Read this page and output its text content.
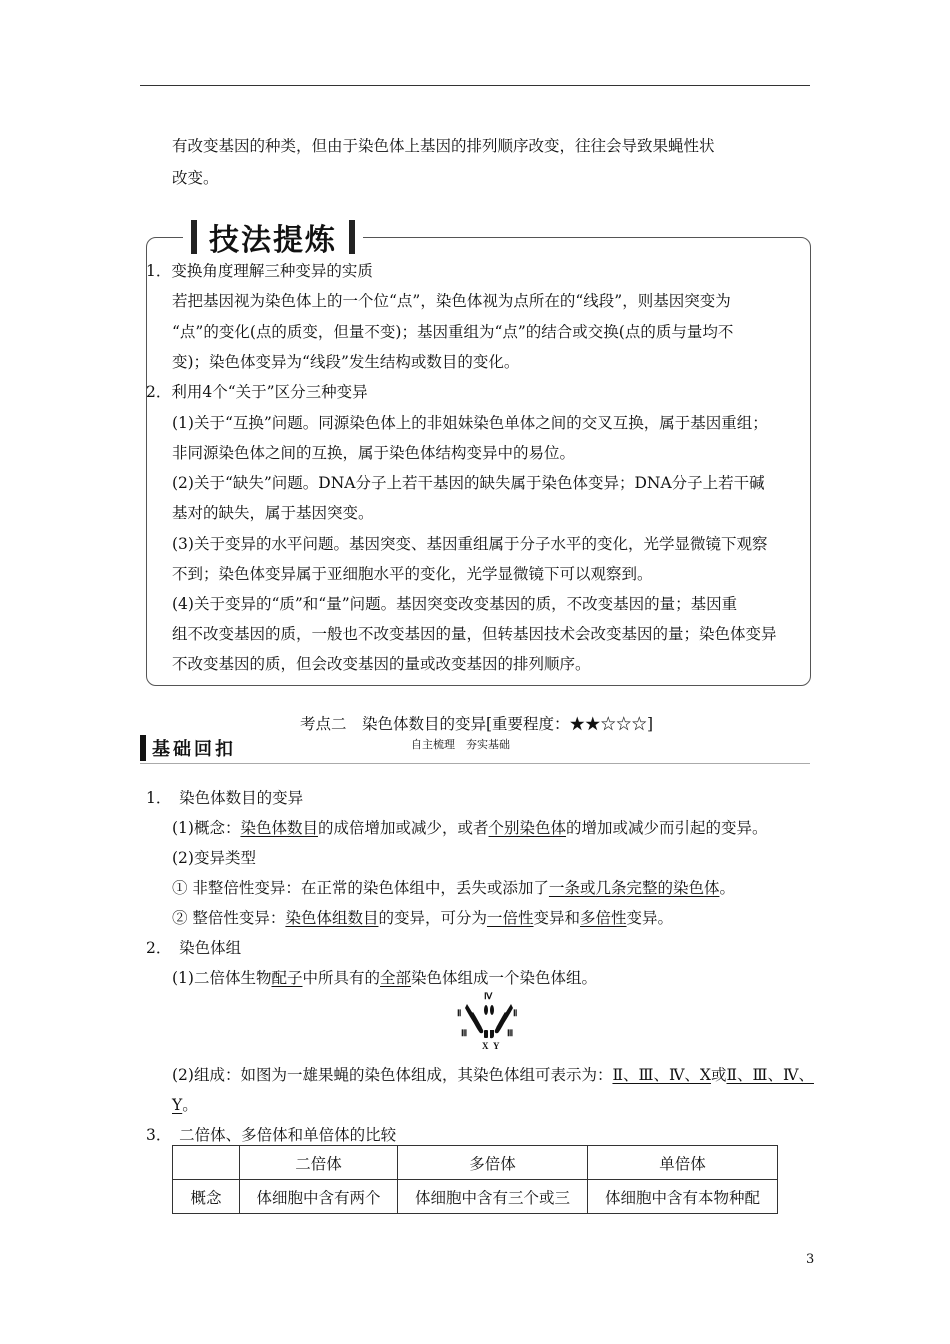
有改变基因的种类，但由于染色体上基因的排列顺序改变，往往会导致果蝇性状
改变。
技法提炼
1．变换角度理解三种变异的实质
若把基因视为染色体上的一个位“点”，染色体视为点所在的“线段”，则基因突变为
“点”的变化(点的质变，但量不变)；基因重组为“点”的结合或交换(点的质与量均不
变)；染色体变异为“线段”发生结构或数目的变化。
2．利用4个“关于”区分三种变异
(1)关于“互换”问题。同源染色体上的非姐妹染色单体之间的交叉互换，属于基因重组；
非同源染色体之间的互换，属于染色体结构变异中的易位。
(2)关于“缺失”问题。DNA分子上若干基因的缺失属于染色体变异；DNA分子上若干碱
基对的缺失，属于基因突变。
(3)关于变异的水平问题。基因突变、基因重组属于分子水平的变化，光学显微镜下观察
不到；染色体变异属于亚细胞水平的变化，光学显微镜下可以观察到。
(4)关于变异的“质”和“量”问题。基因突变改变基因的质，不改变基因的量；基因重
组不改变基因的质，一般也不改变基因的量，但转基因技术会改变基因的量；染色体变异
不改变基因的质，但会改变基因的量或改变基因的排列顺序。
考点二　染色体数目的变异[重要程度：★★☆☆☆]
基础回扣	自主梳理　夯实基础
1．　染色体数目的变异
(1)概念：染色体数目的成倍增加或减少，或者个别染色体的增加或减少而引起的变异。
(2)变异类型
① 非整倍性变异：在正常的染色体组中，丢失或添加了一条或几条完整的染色体。
② 整倍性变异：染色体组数目的变异，可分为一倍性变异和多倍性变异。
2．　染色体组
(1)二倍体生物配子中所具有的全部染色体组成一个染色体组。
Ⅳ
Ⅱ	Ⅱ
Ⅲ	Ⅲ
X Y
(2)组成：如图为一雄果蝇的染色体组成，其染色体组可表示为：Ⅱ、Ⅲ、Ⅳ、X或Ⅱ、Ⅲ、Ⅳ、
Y。
3．　二倍体、多倍体和单倍体的比较
	二倍体	多倍体	单倍体
概念	体细胞中含有两个	体细胞中含有三个或三	体细胞中含有本物种配
3
